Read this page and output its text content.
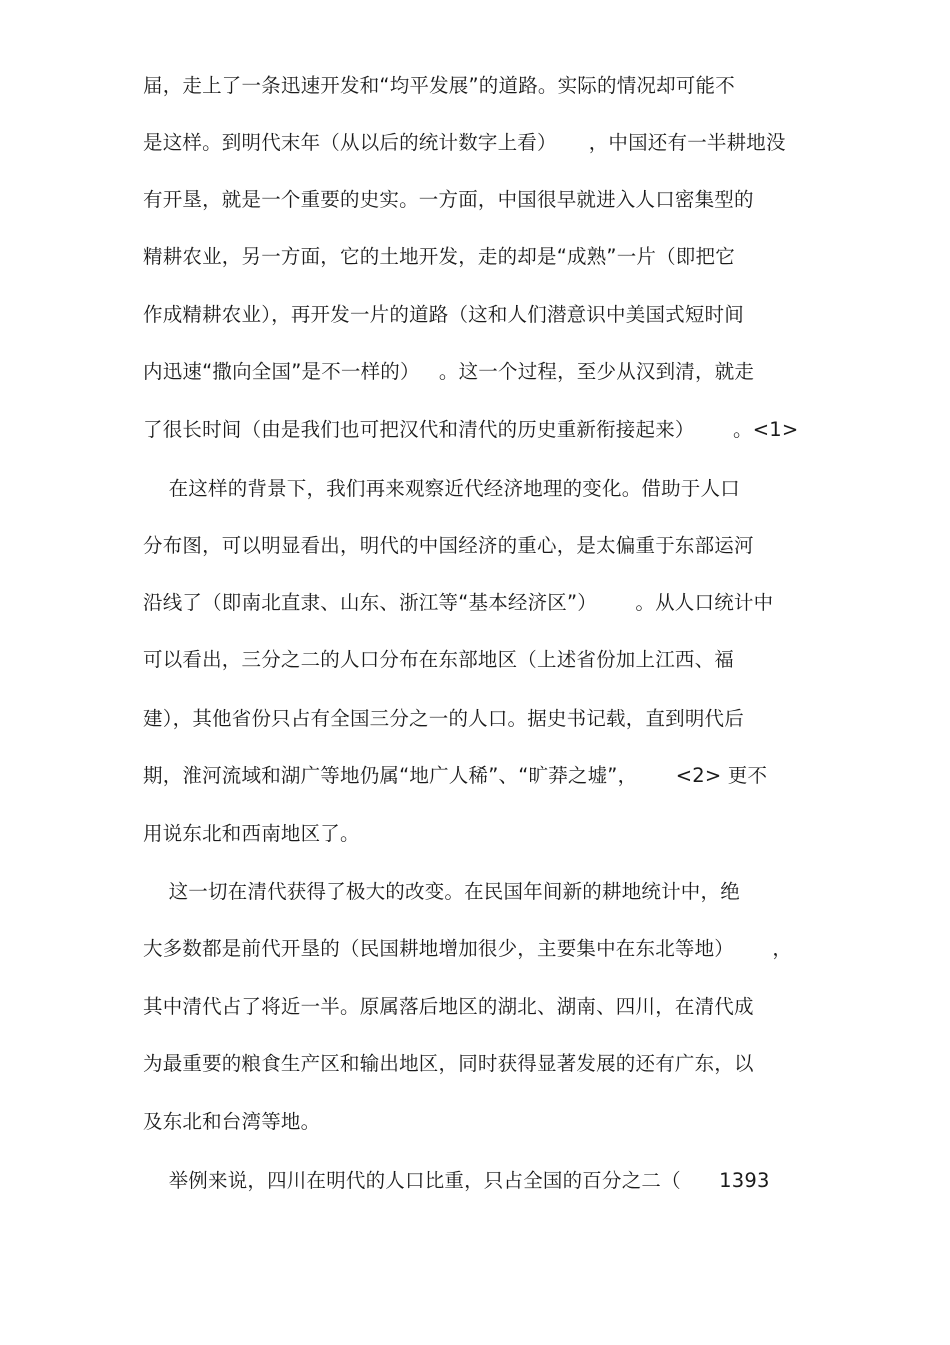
届，走上了一条迅速开发和“均平发展”的道路。实际的情况却可能不
是这样。到明代末年（从以后的统计数字上看）     ，中国还有一半耕地没
有开垦，就是一个重要的史实。一方面，中国很早就进入人口密集型的
精耕农业，另一方面，它的土地开发，走的却是“成熟”一片（即把它
作成精耕农业），再开发一片的道路（这和人们潜意识中美国式短时间
内迅速“撒向全国”是不一样的）   。这一个过程，至少从汉到清，就走
了很长时间（由是我们也可把汉代和清代的历史重新衔接起来）      。<1>
在这样的背景下，我们再来观察近代经济地理的变化。借助于人口
分布图，可以明显看出，明代的中国经济的重心，是太偏重于东部运河
沿线了（即南北直隶、山东、浙江等“基本经济区”）      。从人口统计中
可以看出，三分之二的人口分布在东部地区（上述省份加上江西、福
建），其他省份只占有全国三分之一的人口。据史书记载，直到明代后
期，淮河流域和湖广等地仍属“地广人稀”、“旷莽之墟”，      <2> 更不
用说东北和西南地区了。
这一切在清代获得了极大的改变。在民国年间新的耕地统计中，绝
大多数都是前代开垦的（民国耕地增加很少，主要集中在东北等地）      ，
其中清代占了将近一半。原属落后地区的湖北、湖南、四川，在清代成
为最重要的粮食生产区和输出地区，同时获得显著发展的还有广东，以
及东北和台湾等地。
举例来说，四川在明代的人口比重，只占全国的百分之二（      1393
